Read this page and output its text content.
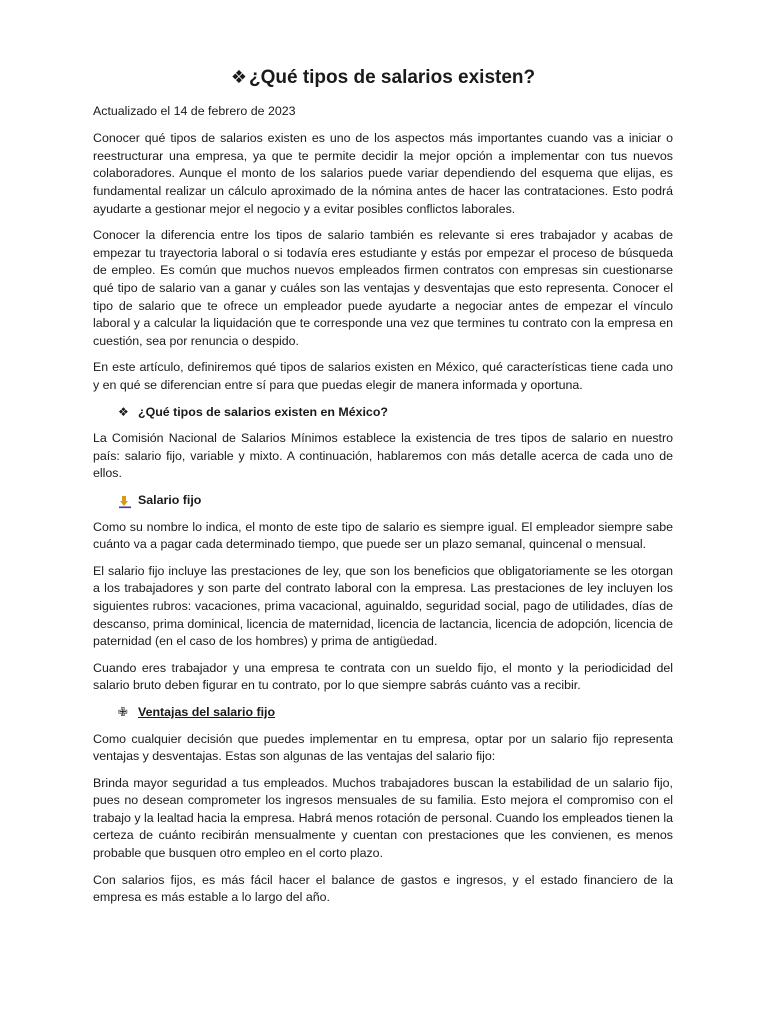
❖ ¿Qué tipos de salarios existen?
Actualizado el 14 de febrero de 2023

Conocer qué tipos de salarios existen es uno de los aspectos más importantes cuando vas a iniciar o reestructurar una empresa, ya que te permite decidir la mejor opción a implementar con tus nuevos colaboradores. Aunque el monto de los salarios puede variar dependiendo del esquema que elijas, es fundamental realizar un cálculo aproximado de la nómina antes de hacer las contrataciones. Esto podrá ayudarte a gestionar mejor el negocio y a evitar posibles conflictos laborales.

Conocer la diferencia entre los tipos de salario también es relevante si eres trabajador y acabas de empezar tu trayectoria laboral o si todavía eres estudiante y estás por empezar el proceso de búsqueda de empleo. Es común que muchos nuevos empleados firmen contratos con empresas sin cuestionarse qué tipo de salario van a ganar y cuáles son las ventajas y desventajas que esto representa. Conocer el tipo de salario que te ofrece un empleador puede ayudarte a negociar antes de empezar el vínculo laboral y a calcular la liquidación que te corresponde una vez que termines tu contrato con la empresa en cuestión, sea por renuncia o despido.

En este artículo, definiremos qué tipos de salarios existen en México, qué características tiene cada uno y en qué se diferencian entre sí para que puedas elegir de manera informada y oportuna.

❖ ¿Qué tipos de salarios existen en México?

La Comisión Nacional de Salarios Mínimos establece la existencia de tres tipos de salario en nuestro país: salario fijo, variable y mixto. A continuación, hablaremos con más detalle acerca de cada uno de ellos.

Salario fijo

Como su nombre lo indica, el monto de este tipo de salario es siempre igual. El empleador siempre sabe cuánto va a pagar cada determinado tiempo, que puede ser un plazo semanal, quincenal o mensual.

El salario fijo incluye las prestaciones de ley, que son los beneficios que obligatoriamente se les otorgan a los trabajadores y son parte del contrato laboral con la empresa. Las prestaciones de ley incluyen los siguientes rubros: vacaciones, prima vacacional, aguinaldo, seguridad social, pago de utilidades, días de descanso, prima dominical, licencia de maternidad, licencia de lactancia, licencia de adopción, licencia de paternidad (en el caso de los hombres) y prima de antigüedad.

Cuando eres trabajador y una empresa te contrata con un sueldo fijo, el monto y la periodicidad del salario bruto deben figurar en tu contrato, por lo que siempre sabrás cuánto vas a recibir.

✙ Ventajas del salario fijo

Como cualquier decisión que puedes implementar en tu empresa, optar por un salario fijo representa ventajas y desventajas. Estas son algunas de las ventajas del salario fijo:

Brinda mayor seguridad a tus empleados. Muchos trabajadores buscan la estabilidad de un salario fijo, pues no desean comprometer los ingresos mensuales de su familia. Esto mejora el compromiso con el trabajo y la lealtad hacia la empresa. Habrá menos rotación de personal. Cuando los empleados tienen la certeza de cuánto recibirán mensualmente y cuentan con prestaciones que les convienen, es menos probable que busquen otro empleo en el corto plazo.

Con salarios fijos, es más fácil hacer el balance de gastos e ingresos, y el estado financiero de la empresa es más estable a lo largo del año.
